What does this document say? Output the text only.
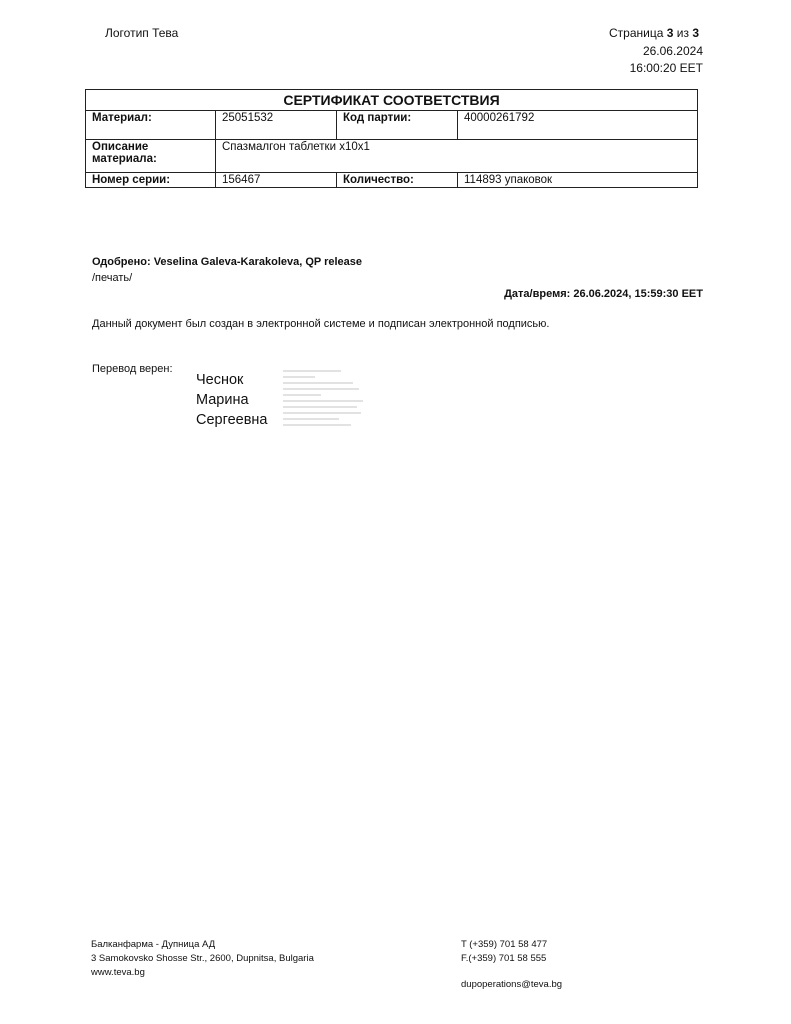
Логотип Тева	Страница 3 из 3
26.06.2024
16:00:20 EET
СЕРТИФИКАТ СООТВЕТСТВИЯ			
Материал:	25051532	Код партии:	40000261792
Описание материала:	Спазмалгон таблетки x10x1		
Номер серии:	156467	Количество:	114893 упаковок
Одобрено: Veselina Galeva-Karakoleva, QP release
/печать/
Дата/время: 26.06.2024, 15:59:30 EET
Данный документ был создан в электронной системе и подписан электронной подписью.
Перевод верен:
Чеснок
Марина
Сергеевна
Балканфарма - Дупница АД
3 Samokovsko Shosse Str., 2600, Dupnitsa, Bulgaria
www.teva.bg
T (+359) 701 58 477
F.(+359) 701 58 555
dupoperations@teva.bg
